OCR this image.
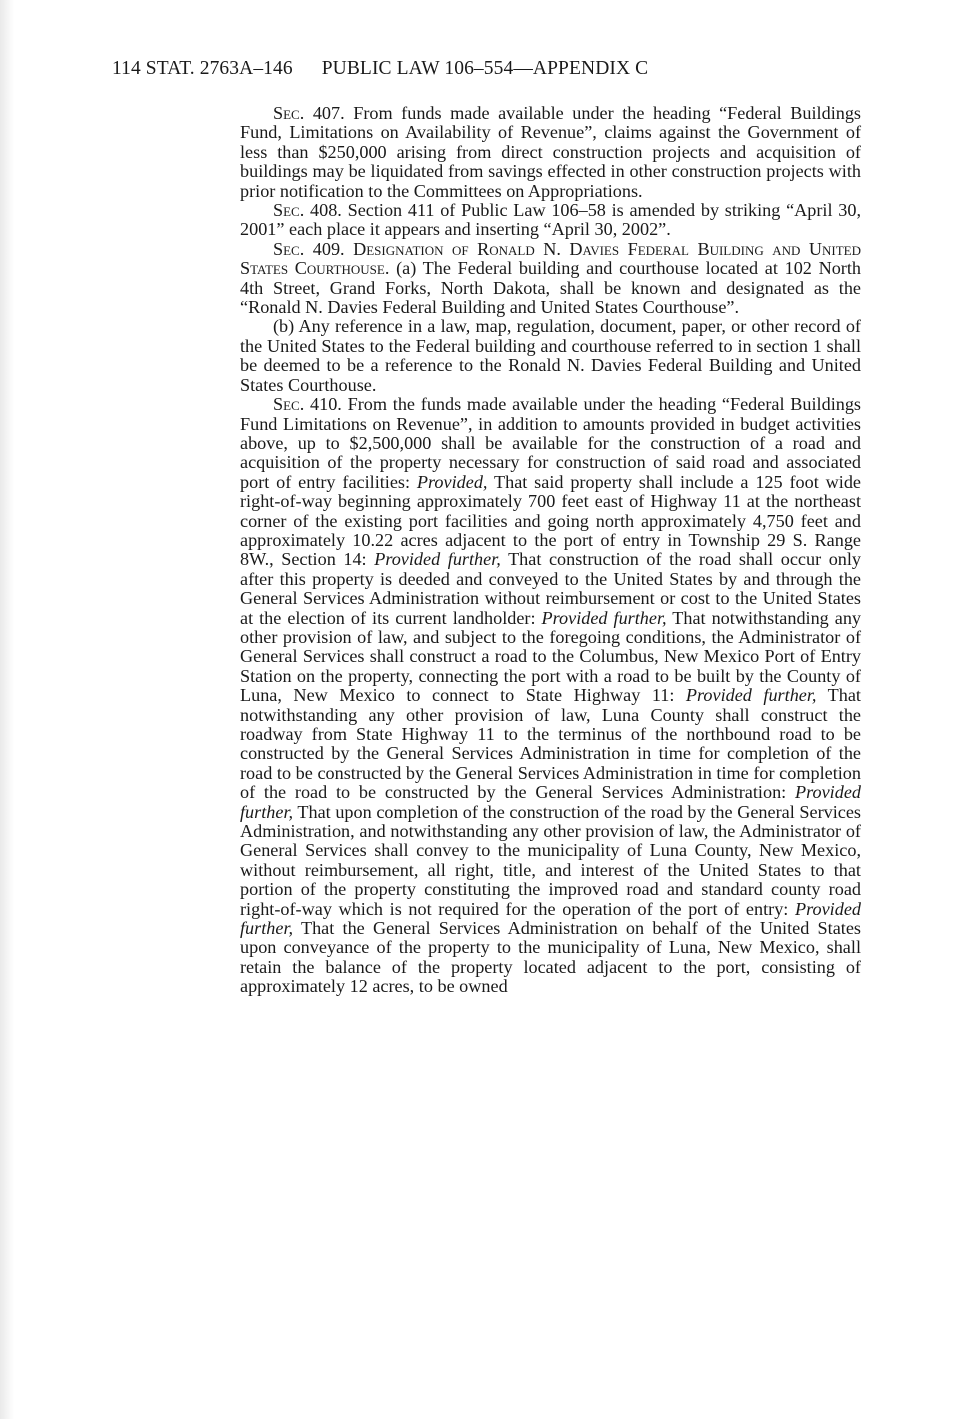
114 STAT. 2763A–146 PUBLIC LAW 106–554—APPENDIX C

Sec. 407. From funds made available under the heading “Federal Buildings Fund, Limitations on Availability of Revenue”, claims against the Government of less than $250,000 arising from direct construction projects and acquisition of buildings may be liquidated from savings effected in other construction projects with prior notification to the Committees on Appropriations.

Sec. 408. Section 411 of Public Law 106–58 is amended by striking “April 30, 2001” each place it appears and inserting “April 30, 2002”.

Sec. 409. Designation of Ronald N. Davies Federal Building and United States Courthouse. (a) The Federal building and courthouse located at 102 North 4th Street, Grand Forks, North Dakota, shall be known and designated as the “Ronald N. Davies Federal Building and United States Courthouse”.

(b) Any reference in a law, map, regulation, document, paper, or other record of the United States to the Federal building and courthouse referred to in section 1 shall be deemed to be a reference to the Ronald N. Davies Federal Building and United States Courthouse.

Sec. 410. From the funds made available under the heading “Federal Buildings Fund Limitations on Revenue”, in addition to amounts provided in budget activities above, up to $2,500,000 shall be available for the construction of a road and acquisition of the property necessary for construction of said road and associated port of entry facilities: Provided, That said property shall include a 125 foot wide right-of-way beginning approximately 700 feet east of Highway 11 at the northeast corner of the existing port facilities and going north approximately 4,750 feet and approximately 10.22 acres adjacent to the port of entry in Township 29 S. Range 8W., Section 14: Provided further, That construction of the road shall occur only after this property is deeded and conveyed to the United States by and through the General Services Administration without reimbursement or cost to the United States at the election of its current landholder: Provided further, That notwithstanding any other provision of law, and subject to the foregoing conditions, the Administrator of General Services shall construct a road to the Columbus, New Mexico Port of Entry Station on the property, connecting the port with a road to be built by the County of Luna, New Mexico to connect to State Highway 11: Provided further, That notwithstanding any other provision of law, Luna County shall construct the roadway from State Highway 11 to the terminus of the northbound road to be constructed by the General Services Administration in time for completion of the road to be constructed by the General Services Administration in time for completion of the road to be constructed by the General Services Administration: Provided further, That upon completion of the construction of the road by the General Services Administration, and notwithstanding any other provision of law, the Administrator of General Services shall convey to the municipality of Luna County, New Mexico, without reimbursement, all right, title, and interest of the United States to that portion of the property constituting the improved road and standard county road right-of-way which is not required for the operation of the port of entry: Provided further, That the General Services Administration on behalf of the United States upon conveyance of the property to the municipality of Luna, New Mexico, shall retain the balance of the property located adjacent to the port, consisting of approximately 12 acres, to be owned
